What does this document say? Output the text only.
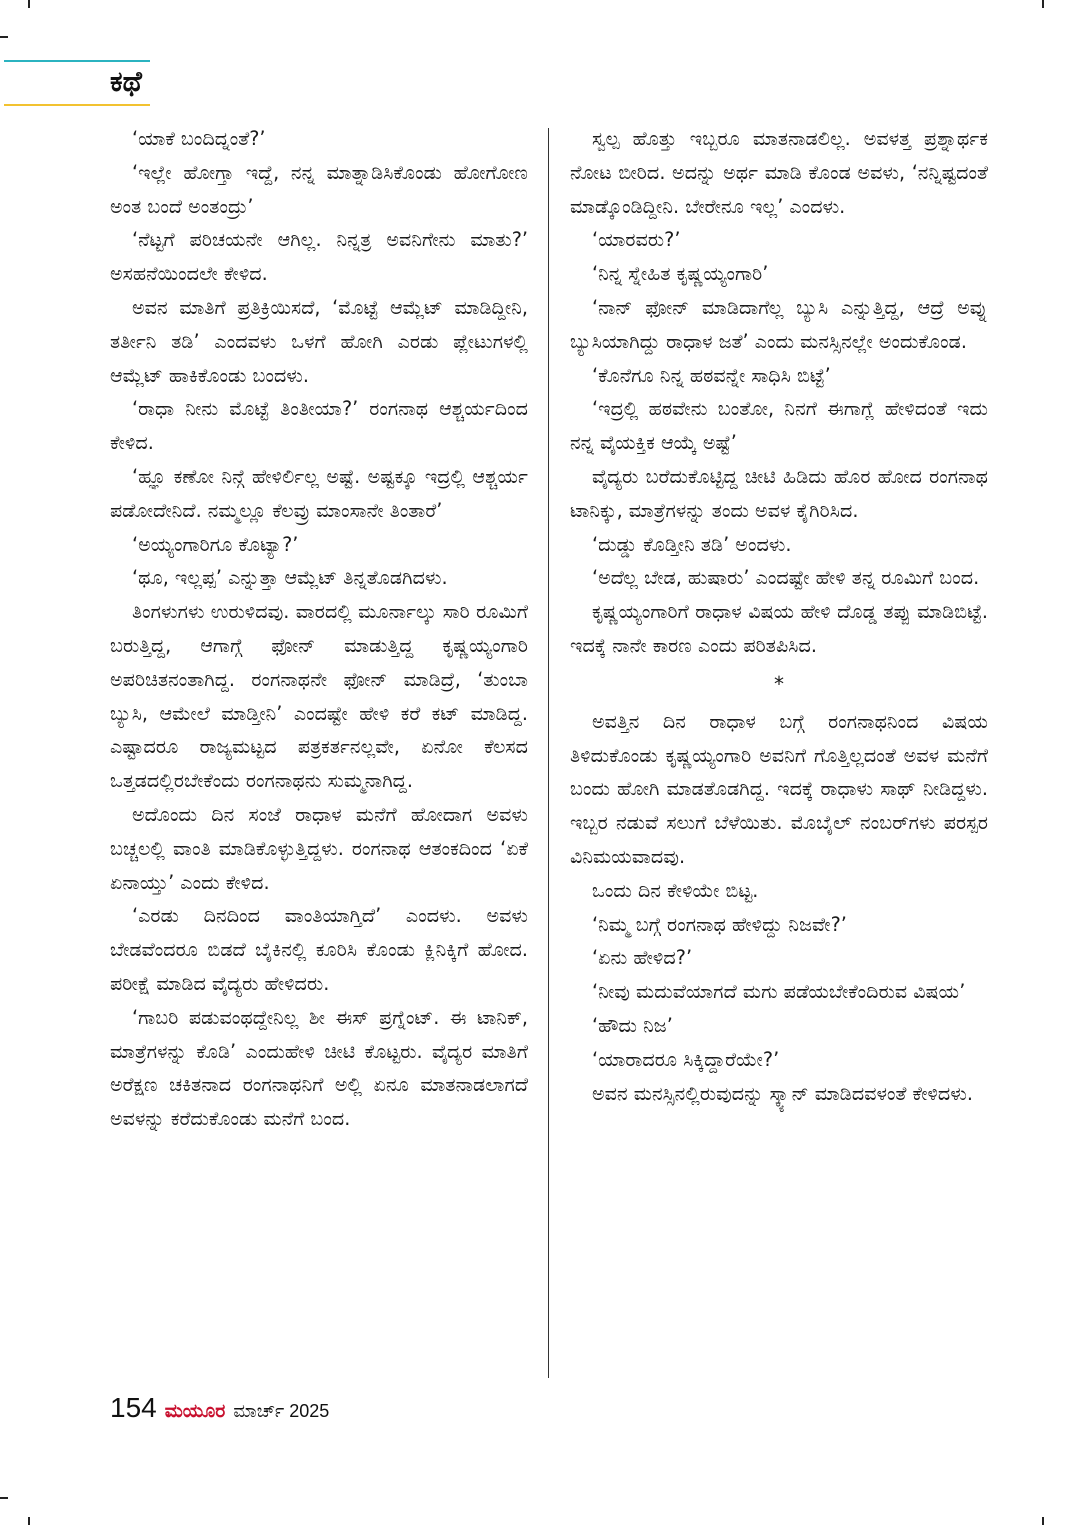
ಕಥೆ

‘ಯಾಕೆ ಬಂದಿದ್ನಂತೆ?’

‘ಇಲ್ಲೇ ಹೋಗ್ತಾ ಇದ್ದೆ, ನನ್ನ ಮಾತ್ನಾಡಿಸಿಕೊಂಡು ಹೋಗೋಣ ಅಂತ ಬಂದೆ ಅಂತಂದ್ರು’

‘ನೆಟ್ಟಗೆ ಪರಿಚಯನೇ ಆಗಿಲ್ಲ. ನಿನ್ನತ್ರ ಅವನಿಗೇನು ಮಾತು?’ ಅಸಹನೆಯಿಂದಲೇ ಕೇಳಿದ.

ಅವನ ಮಾತಿಗೆ ಪ್ರತಿಕ್ರಿಯಿಸದೆ, ‘ಮೊಟ್ಟೆ ಆಮ್ಲೆಟ್ ಮಾಡಿದ್ದೀನಿ, ತರ್ತೀನಿ ತಡಿ’ ಎಂದವಳು ಒಳಗೆ ಹೋಗಿ ಎರಡು ಪ್ಲೇಟುಗಳಲ್ಲಿ ಆಮ್ಲೆಟ್ ಹಾಕಿಕೊಂಡು ಬಂದಳು.

‘ರಾಧಾ ನೀನು ಮೊಟ್ಟೆ ತಿಂತೀಯಾ?’ ರಂಗನಾಥ ಆಶ್ಚರ್ಯದಿಂದ ಕೇಳಿದ.

‘ಹ್ಞೂ ಕಣೋ ನಿನ್ಗೆ ಹೇಳಿರ್ಲಿಲ್ಲ ಅಷ್ಟೆ. ಅಷ್ಟಕ್ಕೂ ಇದ್ರಲ್ಲಿ ಆಶ್ಚರ್ಯ ಪಡೋದೇನಿದೆ. ನಮ್ಮಲ್ಲೂ ಕೆಲವ್ರು ಮಾಂಸಾನೇ ತಿಂತಾರೆ’

‘ಅಯ್ಯಂಗಾರಿಗೂ ಕೊಟ್ಯಾ?’

‘ಥೂ, ಇಲ್ಲಪ್ಪ’ ಎನ್ನುತ್ತಾ ಆಮ್ಲೆಟ್ ತಿನ್ನತೊಡಗಿದಳು.

ತಿಂಗಳುಗಳು ಉರುಳಿದವು. ವಾರದಲ್ಲಿ ಮೂರ್ನಾಲ್ಕು ಸಾರಿ ರೂಮಿಗೆ ಬರುತ್ತಿದ್ದ, ಆಗಾಗ್ಗೆ ಫೋನ್ ಮಾಡುತ್ತಿದ್ದ ಕೃಷ್ಣಯ್ಯಂಗಾರಿ ಅಪರಿಚಿತನಂತಾಗಿದ್ದ. ರಂಗನಾಥನೇ ಫೋನ್ ಮಾಡಿದ್ರೆ, ‘ತುಂಬಾ ಬ್ಯುಸಿ, ಆಮೇಲೆ ಮಾಡ್ತೀನಿ’ ಎಂದಷ್ಟೇ ಹೇಳಿ ಕರೆ ಕಟ್ ಮಾಡಿದ್ದ. ಎಷ್ಟಾದರೂ ರಾಜ್ಯಮಟ್ಟದ ಪತ್ರಕರ್ತನಲ್ಲವೇ, ಏನೋ ಕೆಲಸದ ಒತ್ತಡದಲ್ಲಿರಬೇಕೆಂದು ರಂಗನಾಥನು ಸುಮ್ಮನಾಗಿದ್ದ.

ಅದೊಂದು ದಿನ ಸಂಜೆ ರಾಧಾಳ ಮನೆಗೆ ಹೋದಾಗ ಅವಳು ಬಚ್ಚಲಲ್ಲಿ ವಾಂತಿ ಮಾಡಿಕೊಳ್ಳುತ್ತಿದ್ದಳು. ರಂಗನಾಥ ಆತಂಕದಿಂದ ‘ಏಕೆ ಏನಾಯ್ತು’ ಎಂದು ಕೇಳಿದ.

‘ಎರಡು ದಿನದಿಂದ ವಾಂತಿಯಾಗ್ತಿದೆ’ ಎಂದಳು. ಅವಳು ಬೇಡವೆಂದರೂ ಬಿಡದೆ ಬೈಕಿನಲ್ಲಿ ಕೂರಿಸಿ ಕೊಂಡು ಕ್ಲಿನಿಕ್ಕಿಗೆ ಹೋದ. ಪರೀಕ್ಷೆ ಮಾಡಿದ ವೈದ್ಯರು ಹೇಳಿದರು.

‘ಗಾಬರಿ ಪಡುವಂಥದ್ದೇನಿಲ್ಲ ಶೀ ಈಸ್ ಪ್ರಗ್ನೆಂಟ್. ಈ ಟಾನಿಕ್, ಮಾತ್ರೆಗಳನ್ನು ಕೊಡಿ’ ಎಂದುಹೇಳಿ ಚೀಟಿ ಕೊಟ್ಟರು. ವೈದ್ಯರ ಮಾತಿಗೆ ಅರೆಕ್ಷಣ ಚಕಿತನಾದ ರಂಗನಾಥನಿಗೆ ಅಲ್ಲಿ ಏನೂ ಮಾತನಾಡಲಾಗದೆ ಅವಳನ್ನು ಕರೆದುಕೊಂಡು ಮನೆಗೆ ಬಂದ.

ಸ್ವಲ್ಪ ಹೊತ್ತು ಇಬ್ಬರೂ ಮಾತನಾಡಲಿಲ್ಲ. ಅವಳತ್ತ ಪ್ರಶ್ನಾರ್ಥಕ ನೋಟ ಬೀರಿದ. ಅದನ್ನು ಅರ್ಥ ಮಾಡಿ ಕೊಂಡ ಅವಳು, ‘ನನ್ನಿಷ್ಟದಂತೆ ಮಾಡ್ಕೊಂಡಿದ್ದೀನಿ. ಬೇರೇನೂ ಇಲ್ಲ’ ಎಂದಳು.

‘ಯಾರವರು?’

‘ನಿನ್ನ ಸ್ನೇಹಿತ ಕೃಷ್ಣಯ್ಯಂಗಾರಿ’

‘ನಾನ್ ಫೋನ್ ಮಾಡಿದಾಗೆಲ್ಲ ಬ್ಯುಸಿ ಎನ್ನುತ್ತಿದ್ದ, ಆದ್ರೆ ಅವ್ನು ಬ್ಯುಸಿಯಾಗಿದ್ದು ರಾಧಾಳ ಜತೆ’ ಎಂದು ಮನಸ್ಸಿನಲ್ಲೇ ಅಂದುಕೊಂಡ.

‘ಕೊನೆಗೂ ನಿನ್ನ ಹಠವನ್ನೇ ಸಾಧಿಸಿ ಬಿಟ್ಟೆ’

‘ಇದ್ರಲ್ಲಿ ಹಠವೇನು ಬಂತೋ, ನಿನಗೆ ಈಗಾಗ್ಲೆ ಹೇಳಿದಂತೆ ಇದು ನನ್ನ ವೈಯಕ್ತಿಕ ಆಯ್ಕೆ ಅಷ್ಟೆ’

ವೈದ್ಯರು ಬರೆದುಕೊಟ್ಟಿದ್ದ ಚೀಟಿ ಹಿಡಿದು ಹೊರ ಹೋದ ರಂಗನಾಥ ಟಾನಿಕ್ಕು, ಮಾತ್ರೆಗಳನ್ನು ತಂದು ಅವಳ ಕೈಗಿರಿಸಿದ.

‘ದುಡ್ಡು ಕೊಡ್ತೀನಿ ತಡಿ’ ಅಂದಳು.

‘ಅದೆಲ್ಲ ಬೇಡ, ಹುಷಾರು’ ಎಂದಷ್ಟೇ ಹೇಳಿ ತನ್ನ ರೂಮಿಗೆ ಬಂದ.

ಕೃಷ್ಣಯ್ಯಂಗಾರಿಗೆ ರಾಧಾಳ ವಿಷಯ ಹೇಳಿ ದೊಡ್ಡ ತಪ್ಪು ಮಾಡಿಬಿಟ್ಟೆ. ಇದಕ್ಕೆ ನಾನೇ ಕಾರಣ ಎಂದು ಪರಿತಪಿಸಿದ.

*

ಅವತ್ತಿನ ದಿನ ರಾಧಾಳ ಬಗ್ಗೆ ರಂಗನಾಥನಿಂದ ವಿಷಯ ತಿಳಿದುಕೊಂಡು ಕೃಷ್ಣಯ್ಯಂಗಾರಿ ಅವನಿಗೆ ಗೊತ್ತಿಲ್ಲದಂತೆ ಅವಳ ಮನೆಗೆ ಬಂದು ಹೋಗಿ ಮಾಡತೊಡಗಿದ್ದ. ಇದಕ್ಕೆ ರಾಧಾಳು ಸಾಥ್ ನೀಡಿದ್ದಳು. ಇಬ್ಬರ ನಡುವೆ ಸಲುಗೆ ಬೆಳೆಯಿತು. ಮೊಬೈಲ್ ನಂಬರ್‌ಗಳು ಪರಸ್ಪರ ವಿನಿಮಯವಾದವು.

ಒಂದು ದಿನ ಕೇಳಿಯೇ ಬಿಟ್ಟ.

‘ನಿಮ್ಮ ಬಗ್ಗೆ ರಂಗನಾಥ ಹೇಳಿದ್ದು ನಿಜವೇ?’

‘ಏನು ಹೇಳಿದ?’

‘ನೀವು ಮದುವೆಯಾಗದೆ ಮಗು ಪಡೆಯಬೇಕೆಂದಿರುವ ವಿಷಯ’

‘ಹೌದು ನಿಜ’

‘ಯಾರಾದರೂ ಸಿಕ್ಕಿದ್ದಾರೆಯೇ?’

ಅವನ ಮನಸ್ಸಿನಲ್ಲಿರುವುದನ್ನು ಸ್ಕ್ಯಾನ್ ಮಾಡಿದವಳಂತೆ ಕೇಳಿದಳು.

154 ಮಯೂರ ಮಾರ್ಚ್ 2025
